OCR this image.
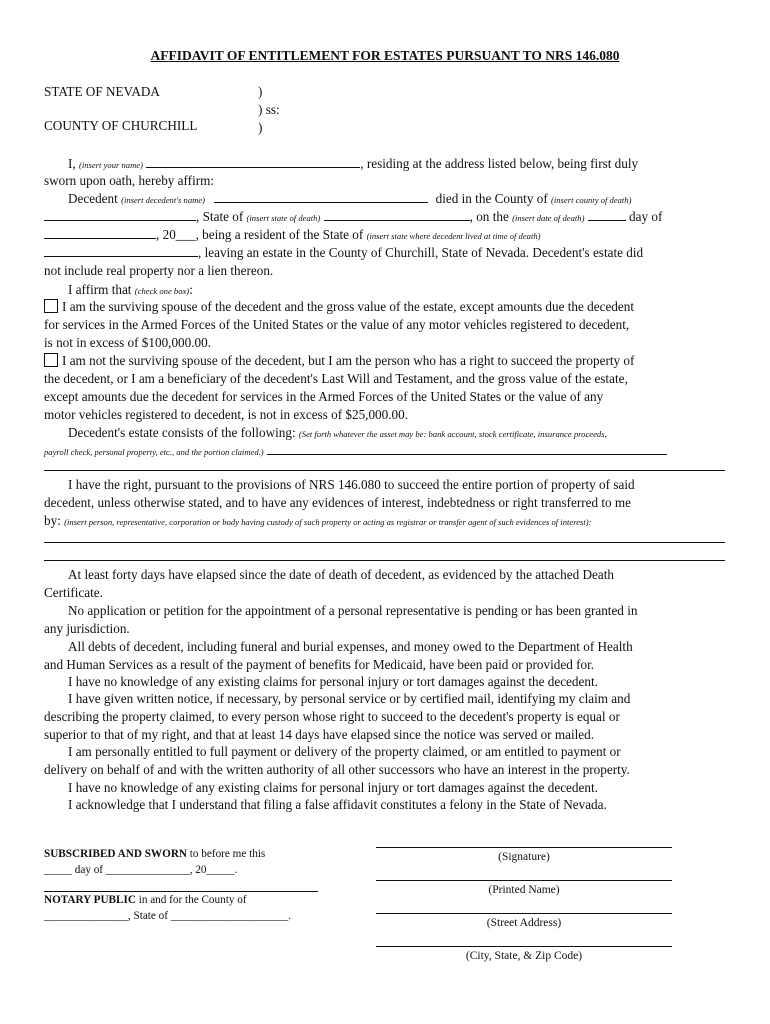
AFFIDAVIT OF ENTITLEMENT FOR ESTATES PURSUANT TO NRS 146.080
STATE OF NEVADA
COUNTY OF CHURCHILL
)
) ss:
)
I, (insert your name)	, residing at the address listed below, being first duly
sworn upon oath, hereby affirm:
Decedent (insert decedent's name)	died in the County of (insert county of death)
, State of (insert state of death)	, on the (insert date of death)	day of
, 20___, being a resident of the State of (insert state where decedent lived at time of death)
, leaving an estate in the County of Churchill, State of Nevada. Decedent's estate did
not include real property nor a lien thereon.
I affirm that (check one box):
I am the surviving spouse of the decedent and the gross value of the estate, except amounts due the decedent
for services in the Armed Forces of the United States or the value of any motor vehicles registered to decedent,
is not in excess of $100,000.00.
I am not the surviving spouse of the decedent, but I am the person who has a right to succeed the property of
the decedent, or I am a beneficiary of the decedent's Last Will and Testament, and the gross value of the estate,
except amounts due the decedent for services in the Armed Forces of the United States or the value of any
motor vehicles registered to decedent, is not in excess of $25,000.00.
Decedent's estate consists of the following: (Set forth whatever the asset may be: bank account, stock certificate, insurance proceeds,
payroll check, personal property, etc., and the portion claimed.)
I have the right, pursuant to the provisions of NRS 146.080 to succeed the entire portion of property of said
decedent, unless otherwise stated, and to have any evidences of interest, indebtedness or right transferred to me
by: (insert person, representative, corporation or body having custody of such property or acting as registrar or transfer agent of such evidences of interest):
At least forty days have elapsed since the date of death of decedent, as evidenced by the attached Death
Certificate.
No application or petition for the appointment of a personal representative is pending or has been granted in
any jurisdiction.
All debts of decedent, including funeral and burial expenses, and money owed to the Department of Health
and Human Services as a result of the payment of benefits for Medicaid, have been paid or provided for.
I have no knowledge of any existing claims for personal injury or tort damages against the decedent.
I have given written notice, if necessary, by personal service or by certified mail, identifying my claim and
describing the property claimed, to every person whose right to succeed to the decedent's property is equal or
superior to that of my right, and that at least 14 days have elapsed since the notice was served or mailed.
I am personally entitled to full payment or delivery of the property claimed, or am entitled to payment or
delivery on behalf of and with the written authority of all other successors who have an interest in the property.
I have no knowledge of any existing claims for personal injury or tort damages against the decedent.
I acknowledge that I understand that filing a false affidavit constitutes a felony in the State of Nevada.
SUBSCRIBED AND SWORN to before me this
_____ day of _______________, 20_____.
NOTARY PUBLIC in and for the County of
_______________, State of _____________________.
(Signature)
(Printed Name)
(Street Address)
(City, State, & Zip Code)
